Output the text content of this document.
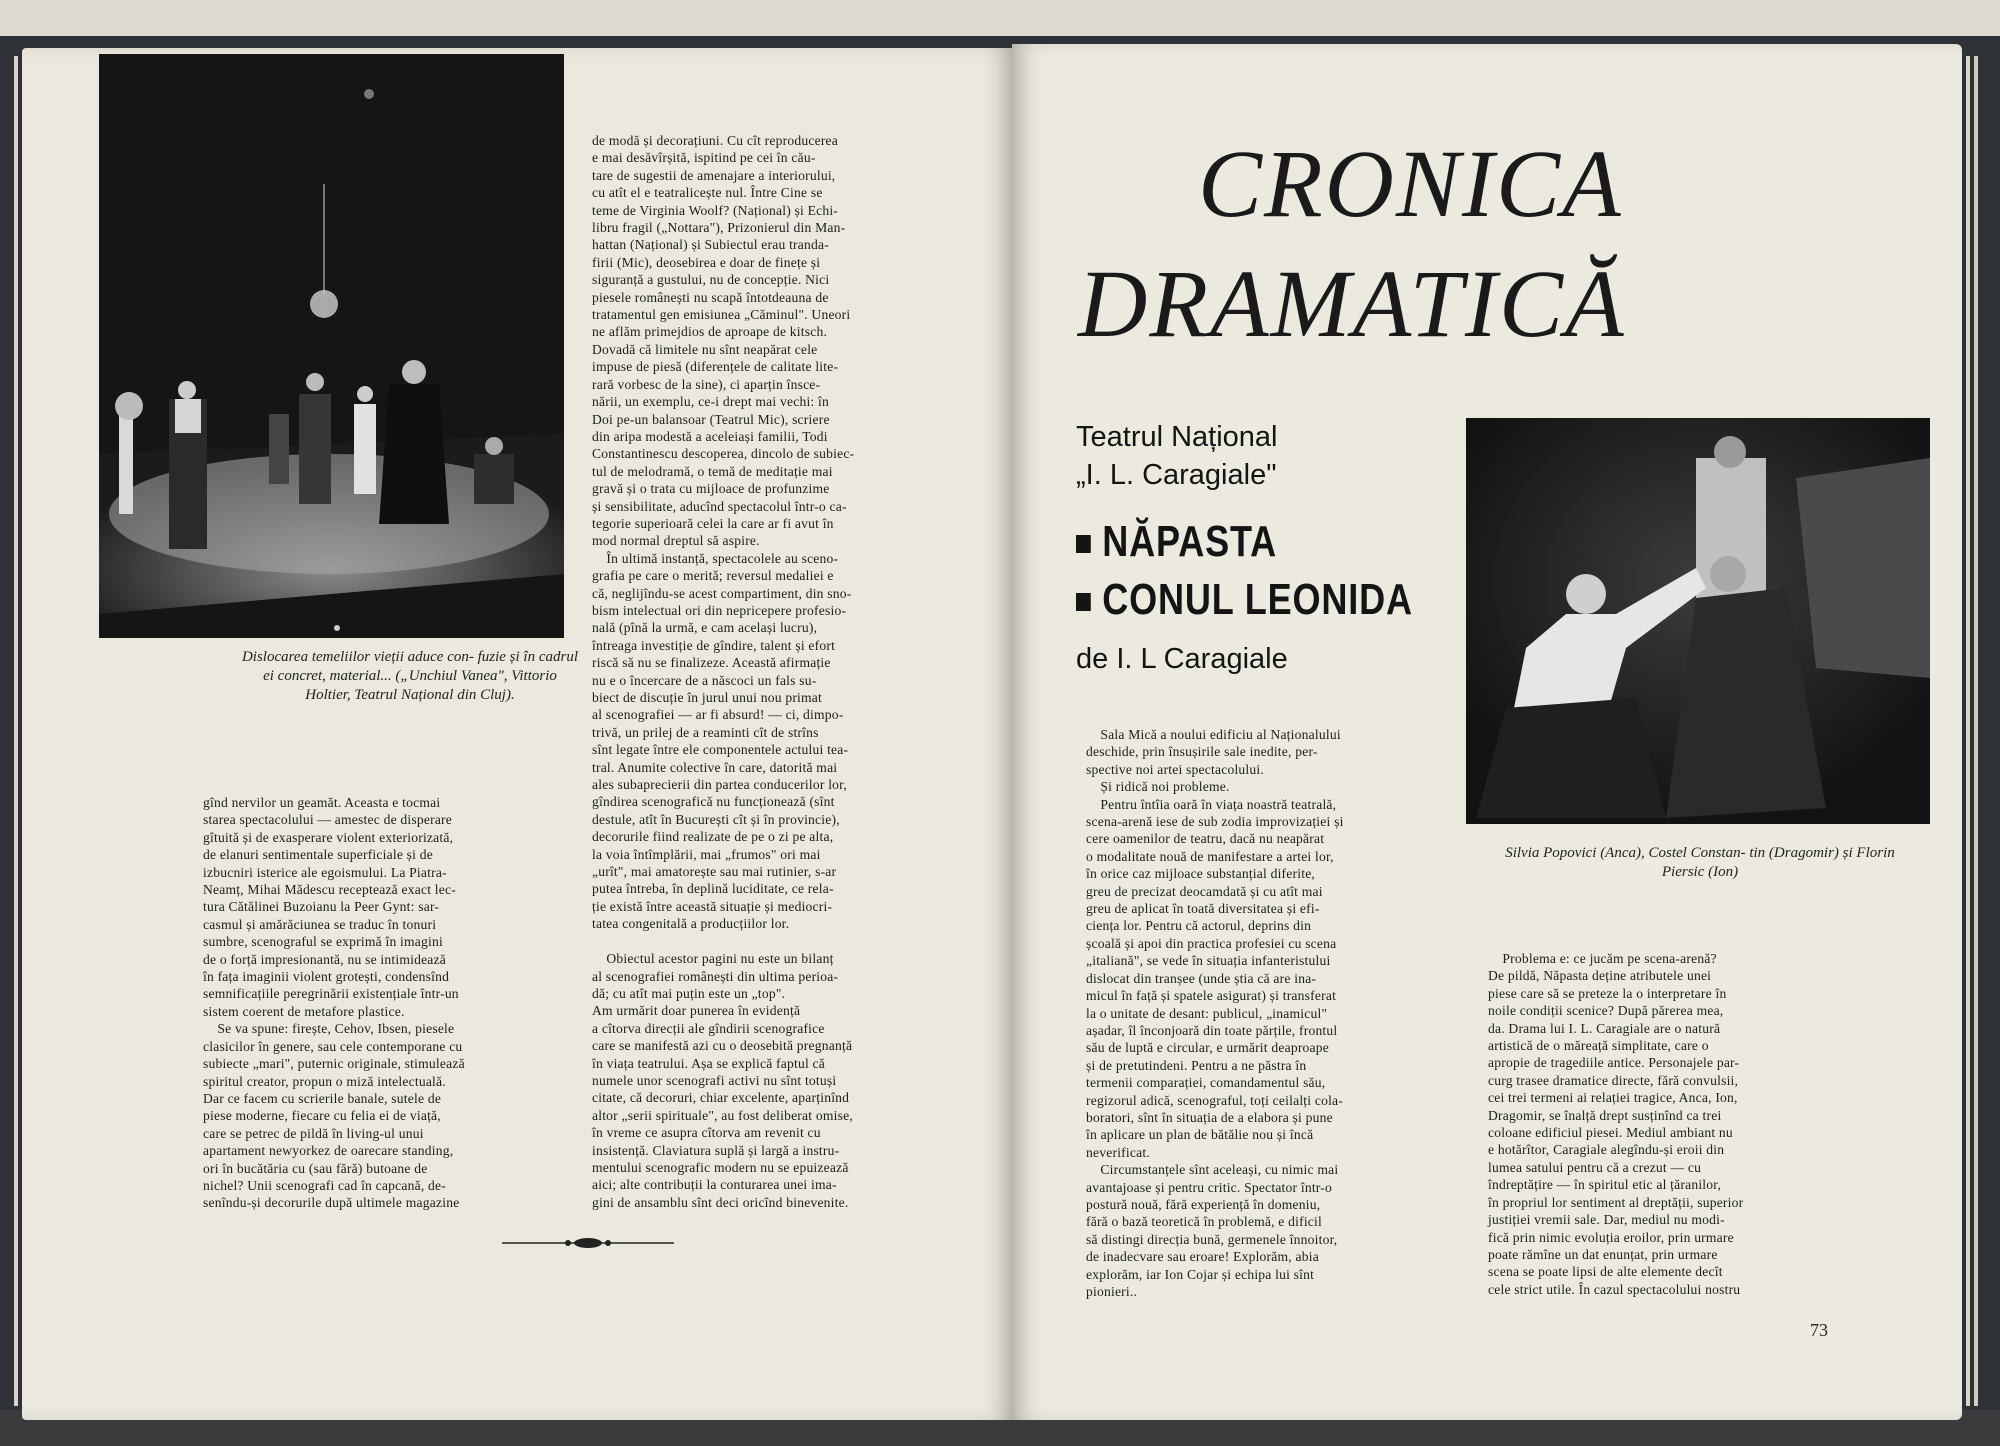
Dislocarea temeliilor vieții aduce con- fuzie și în cadrul ei concret, material... („Unchiul Vanea", Vittorio Holtier, Teatrul Național din Cluj).
gînd nervilor un geamăt. Aceasta e tocmai
starea spectacolului — amestec de disperare
gîtuită și de exasperare violent exteriorizată,
de elanuri sentimentale superficiale și de
izbucniri isterice ale egoismului. La Piatra-
Neamț, Mihai Mădescu receptează exact lec-
tura Cătălinei Buzoianu la Peer Gynt: sar-
casmul și amărăciunea se traduc în tonuri
sumbre, scenograful se exprimă în imagini
de o forță impresionantă, nu se intimidează
în fața imaginii violent grotești, condensînd
semnificațiile peregrinării existențiale într-un
sistem coerent de metafore plastice.
Se va spune: firește, Cehov, Ibsen, piesele
clasicilor în genere, sau cele contemporane cu
subiecte „mari", puternic originale, stimulează
spiritul creator, propun o miză intelectuală.
Dar ce facem cu scrierile banale, sutele de
piese moderne, fiecare cu felia ei de viață,
care se petrec de pildă în living-ul unui
apartament newyorkez de oarecare standing,
ori în bucătăria cu (sau fără) butoane de
nichel? Unii scenografi cad în capcană, de-
senîndu-și decorurile după ultimele magazine
de modă și decorațiuni. Cu cît reproducerea
e mai desăvîrșită, ispitind pe cei în cău-
tare de sugestii de amenajare a interiorului,
cu atît el e teatralicește nul. Între Cine se
teme de Virginia Woolf? (Național) și Echi-
libru fragil („Nottara"), Prizonierul din Man-
hattan (Național) și Subiectul erau tranda-
firii (Mic), deosebirea e doar de finețe și
siguranță a gustului, nu de concepție. Nici
piesele românești nu scapă întotdeauna de
tratamentul gen emisiunea „Căminul". Uneori
ne aflăm primejdios de aproape de kitsch.
Dovadă că limitele nu sînt neapărat cele
impuse de piesă (diferențele de calitate lite-
rară vorbesc de la sine), ci aparțin însce-
nării, un exemplu, ce-i drept mai vechi: în
Doi pe-un balansoar (Teatrul Mic), scriere
din aripa modestă a aceleiași familii, Todi
Constantinescu descoperea, dincolo de subiec-
tul de melodramă, o temă de meditație mai
gravă și o trata cu mijloace de profunzime
și sensibilitate, aducînd spectacolul într-o ca-
tegorie superioară celei la care ar fi avut în
mod normal dreptul să aspire.
În ultimă instanță, spectacolele au sceno-
grafia pe care o merită; reversul medaliei e
că, neglijîndu-se acest compartiment, din sno-
bism intelectual ori din nepricepere profesio-
nală (pînă la urmă, e cam același lucru),
întreaga investiție de gîndire, talent și efort
riscă să nu se finalizeze. Această afirmație
nu e o încercare de a născoci un fals su-
biect de discuție în jurul unui nou primat
al scenografiei — ar fi absurd! — ci, dimpo-
trivă, un prilej de a reaminti cît de strîns
sînt legate între ele componentele actului tea-
tral. Anumite colective în care, datorită mai
ales subaprecierii din partea conducerilor lor,
gîndirea scenografică nu funcționează (sînt
destule, atît în București cît și în provincie),
decorurile fiind realizate de pe o zi pe alta,
la voia întîmplării, mai „frumos" ori mai
„urît", mai amatorește sau mai rutinier, s-ar
putea întreba, în deplină luciditate, ce rela-
ție există între această situație și mediocri-
tatea congenitală a producțiilor lor.

Obiectul acestor pagini nu este un bilanț
al scenografiei românești din ultima perioa-
dă; cu atît mai puțin este un „top".
Am urmărit doar punerea în evidență
a cîtorva direcții ale gîndirii scenografice
care se manifestă azi cu o deosebită pregnanță
în viața teatrului. Așa se explică faptul că
numele unor scenografi activi nu sînt totuși
citate, că decoruri, chiar excelente, aparținînd
altor „serii spirituale", au fost deliberat omise,
în vreme ce asupra cîtorva am revenit cu
insistență. Claviatura suplă și largă a instru-
mentului scenografic modern nu se epuizează
aici; alte contribuții la conturarea unei ima-
gini de ansamblu sînt deci oricînd binevenite.
CRONICA
DRAMATICĂ
Teatrul Național
„I. L. Caragiale"
NĂPASTA
CONUL LEONIDA
de I. L Caragiale
Silvia Popovici (Anca), Costel Constan- tin (Dragomir) și Florin Piersic (Ion)
Sala Mică a noului edificiu al Naționalului
deschide, prin însușirile sale inedite, per-
spective noi artei spectacolului.
Și ridică noi probleme.
Pentru întîia oară în viața noastră teatrală,
scena-arenă iese de sub zodia improvizației și
cere oamenilor de teatru, dacă nu neapărat
o modalitate nouă de manifestare a artei lor,
în orice caz mijloace substanțial diferite,
greu de precizat deocamdată și cu atît mai
greu de aplicat în toată diversitatea și efi-
ciența lor. Pentru că actorul, deprins din
școală și apoi din practica profesiei cu scena
„italiană", se vede în situația infanteristului
dislocat din tranșee (unde știa că are ina-
micul în față și spatele asigurat) și transferat
la o unitate de desant: publicul, „inamicul"
așadar, îl înconjoară din toate părțile, frontul
său de luptă e circular, e urmărit deaproape
și de pretutindeni. Pentru a ne păstra în
termenii comparației, comandamentul său,
regizorul adică, scenograful, toți ceilalți cola-
boratori, sînt în situația de a elabora și pune
în aplicare un plan de bătălie nou și încă
neverificat.
Circumstanțele sînt aceleași, cu nimic mai
avantajoase și pentru critic. Spectator într-o
postură nouă, fără experiență în domeniu,
fără o bază teoretică în problemă, e dificil
să distingi direcția bună, germenele înnoitor,
de inadecvare sau eroare! Explorăm, abia
explorăm, iar Ion Cojar și echipa lui sînt
pionieri..
Problema e: ce jucăm pe scena-arenă?
De pildă, Năpasta deține atributele unei
piese care să se preteze la o interpretare în
noile condiții scenice? După părerea mea,
da. Drama lui I. L. Caragiale are o natură
artistică de o măreață simplitate, care o
apropie de tragediile antice. Personajele par-
curg trasee dramatice directe, fără convulsii,
cei trei termeni ai relației tragice, Anca, Ion,
Dragomir, se înalță drept susținînd ca trei
coloane edificiul piesei. Mediul ambiant nu
e hotărîtor, Caragiale alegîndu-și eroii din
lumea satului pentru că a crezut — cu
îndreptățire — în spiritul etic al țăranilor,
în propriul lor sentiment al dreptății, superior
justiției vremii sale. Dar, mediul nu modi-
fică prin nimic evoluția eroilor, prin urmare
poate rămîne un dat enunțat, prin urmare
scena se poate lipsi de alte elemente decît
cele strict utile. În cazul spectacolului nostru
73
